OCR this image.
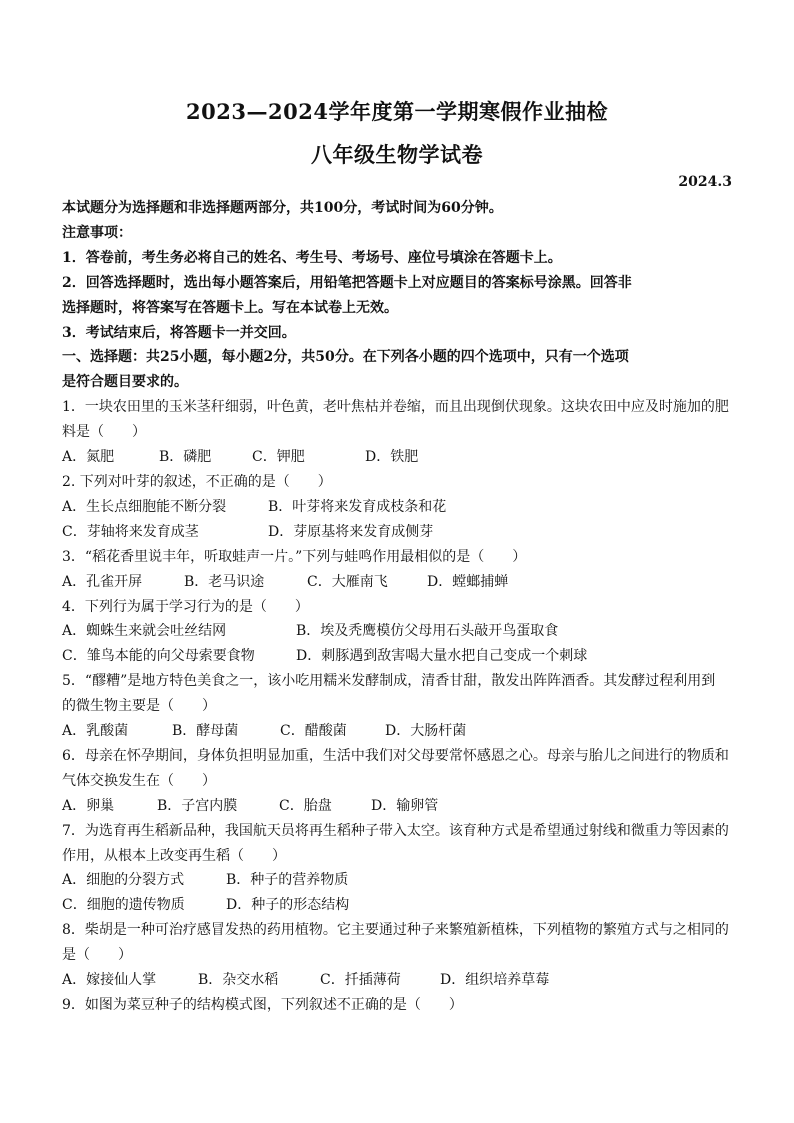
2023—2024学年度第一学期寒假作业抽检
八年级生物学试卷
2024.3

本试题分为选择题和非选择题两部分，共100分，考试时间为60分钟。

注意事项：

1．答卷前，考生务必将自己的姓名、考生号、考场号、座位号填涂在答题卡上。

2．回答选择题时，选出每小题答案后，用铅笔把答题卡上对应题目的答案标号涂黑。回答非

选择题时，将答案写在答题卡上。写在本试卷上无效。

3．考试结束后，将答题卡一并交回。

一、选择题：共25小题，每小题2分，共50分。在下列各小题的四个选项中，只有一个选项

是符合题目要求的。

1．一块农田里的玉米茎秆细弱，叶色黄，老叶焦枯并卷缩，而且出现倒伏现象。这块农田中应及时施加的肥

料是（　　）

A．氮肥	B．磷肥	C．钾肥	D．铁肥

2. 下列对叶芽的叙述，不正确的是（　　）

A．生长点细胞能不断分裂	B．叶芽将来发育成枝条和花
C．芽轴将来发育成茎	D．芽原基将来发育成侧芽

3．“稻花香里说丰年，听取蛙声一片。”下列与蛙鸣作用最相似的是（　　）

A．孔雀开屏	B．老马识途	C．大雁南飞	D．螳螂捕蝉

4．下列行为属于学习行为的是（　　）

A．蜘蛛生来就会吐丝结网	B．埃及秃鹰模仿父母用石头敲开鸟蛋取食
C．雏鸟本能的向父母索要食物	D．刺豚遇到敌害喝大量水把自己变成一个刺球

5．“醪糟”是地方特色美食之一，该小吃用糯米发酵制成，清香甘甜，散发出阵阵酒香。其发酵过程利用到

的微生物主要是（　　）

A．乳酸菌	B．酵母菌	C．醋酸菌	D．大肠杆菌

6．母亲在怀孕期间，身体负担明显加重，生活中我们对父母要常怀感恩之心。母亲与胎儿之间进行的物质和

气体交换发生在（　　）

A．卵巢	B．子宫内膜	C．胎盘	D．输卵管

7．为选育再生稻新品种，我国航天员将再生稻种子带入太空。该育种方式是希望通过射线和微重力等因素的

作用，从根本上改变再生稻（　　）

A．细胞的分裂方式	B．种子的营养物质
C．细胞的遗传物质	D．种子的形态结构

8．柴胡是一种可治疗感冒发热的药用植物。它主要通过种子来繁殖新植株，下列植物的繁殖方式与之相同的

是（　　）

A．嫁接仙人掌	B．杂交水稻	C．扦插薄荷	D．组织培养草莓

9．如图为菜豆种子的结构模式图，下列叙述不正确的是（　　）
